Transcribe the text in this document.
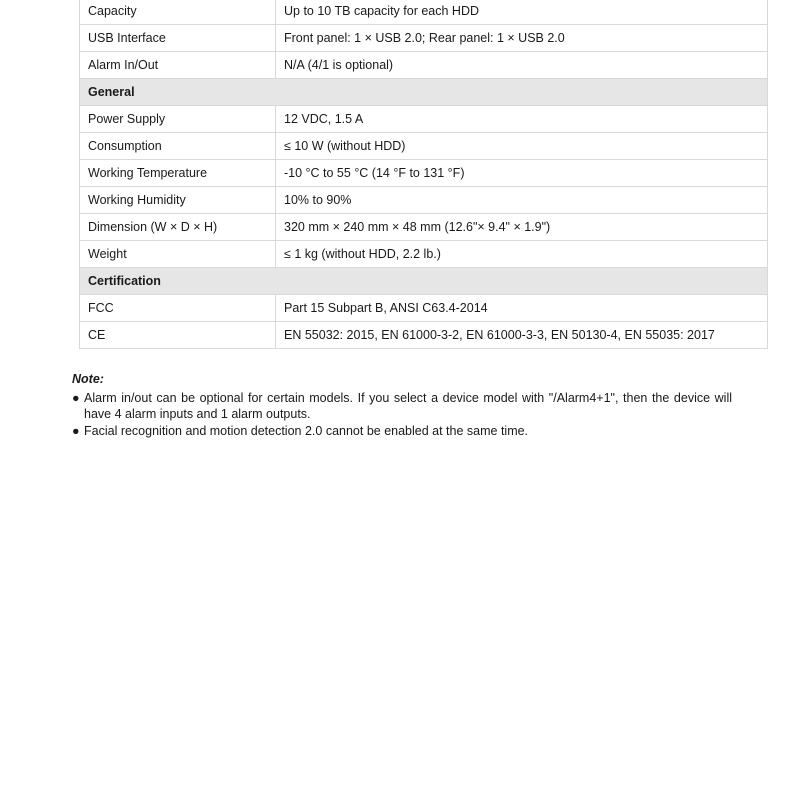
Capacity	Up to 10 TB capacity for each HDD
USB Interface	Front panel: 1 × USB 2.0; Rear panel: 1 × USB 2.0
Alarm In/Out	N/A (4/1 is optional)
General	
Power Supply	12 VDC, 1.5 A
Consumption	≤ 10 W (without HDD)
Working Temperature	-10 °C to 55 °C (14 °F to 131 °F)
Working Humidity	10% to 90%
Dimension (W × D × H)	320 mm × 240 mm × 48 mm (12.6"× 9.4" × 1.9")
Weight	≤ 1 kg (without HDD, 2.2 lb.)
Certification	
FCC	Part 15 Subpart B, ANSI C63.4-2014
CE	EN 55032: 2015, EN 61000-3-2, EN 61000-3-3, EN 50130-4, EN 55035: 2017
Note:
● Alarm in/out can be optional for certain models. If you select a device model with "/Alarm4+1", then the device will have 4 alarm inputs and 1 alarm outputs.
● Facial recognition and motion detection 2.0 cannot be enabled at the same time.
